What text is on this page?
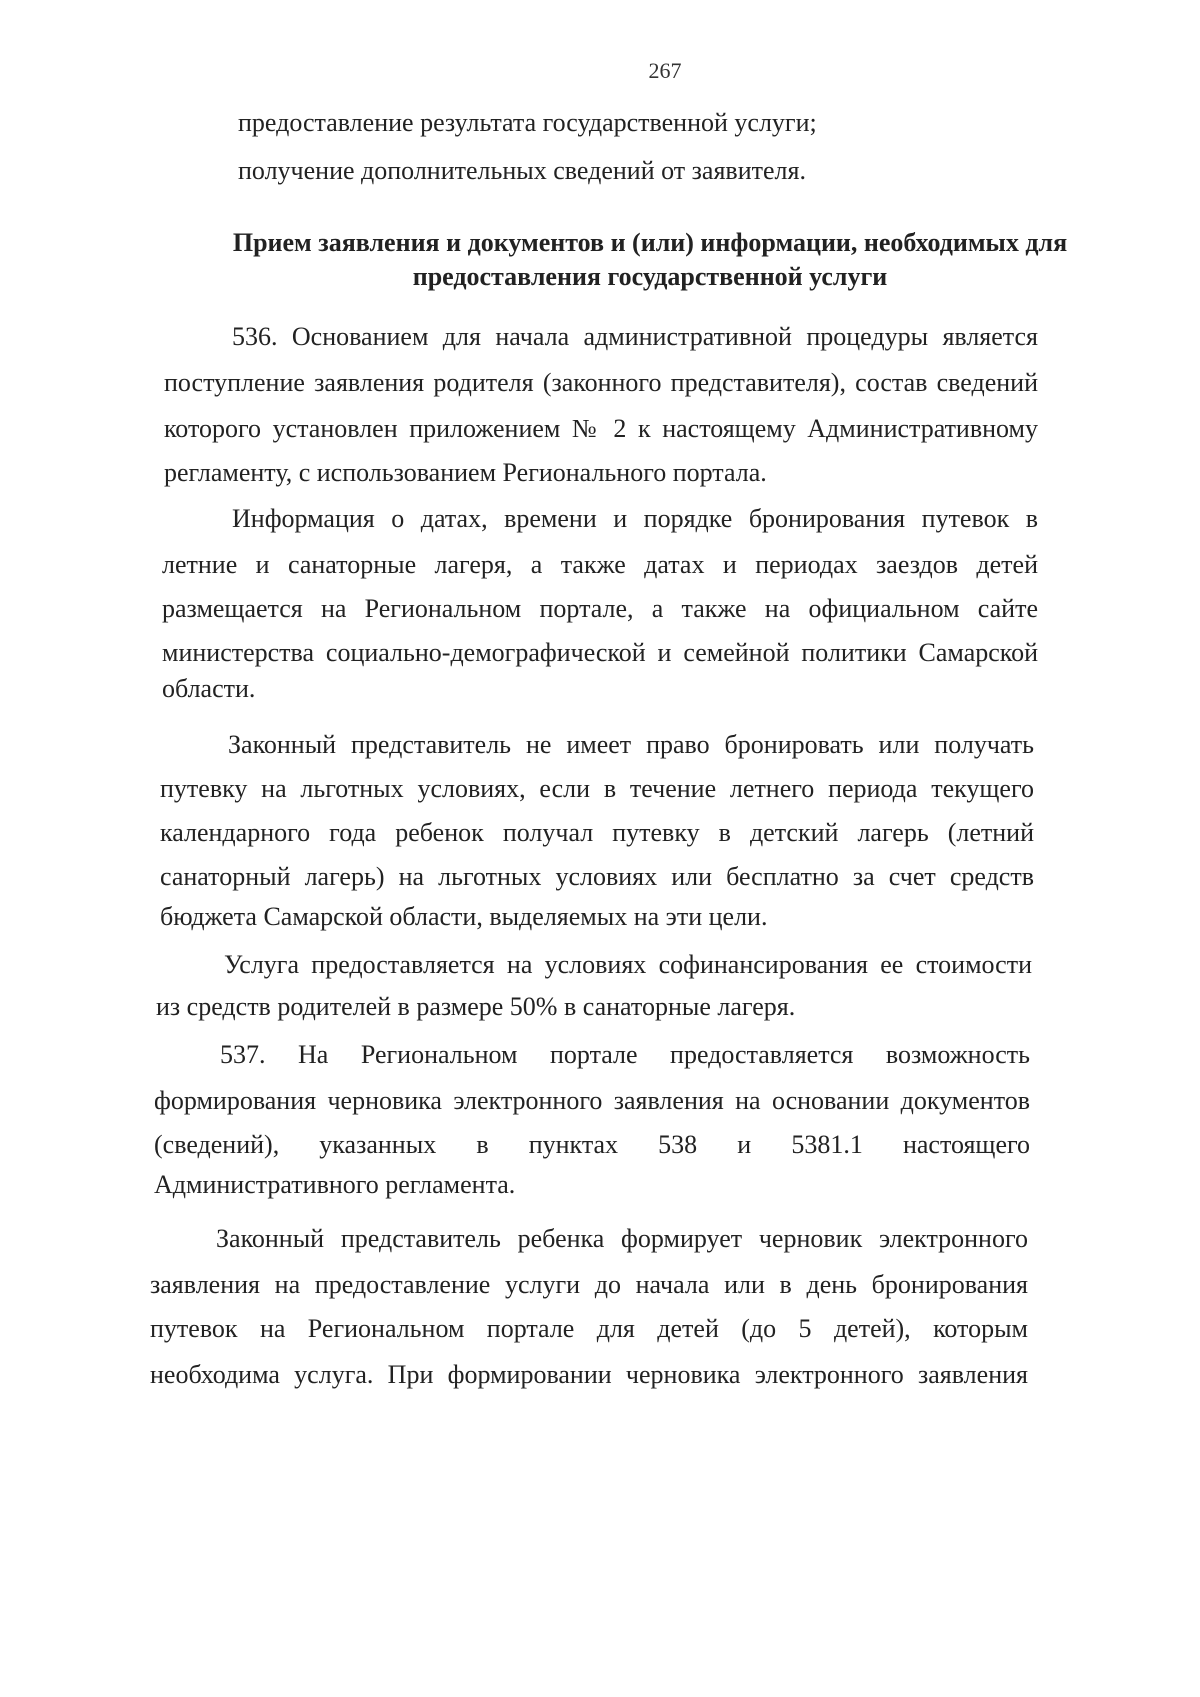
267
предоставление результата государственной услуги;
получение дополнительных сведений от заявителя.
Прием заявления и документов и (или) информации, необходимых для
предоставления государственной услуги
536. Основанием для начала административной процедуры является
поступление заявления родителя (законного представителя), состав сведений
которого установлен приложением № 2 к настоящему Административному
регламенту, с использованием Регионального портала.
Информация о датах, времени и порядке бронирования путевок в
летние и санаторные лагеря, а также датах и периодах заездов детей
размещается на Региональном портале, а также на официальном сайте
министерства социально-демографической и семейной политики Самарской
области.
Законный представитель не имеет право бронировать или получать
путевку на льготных условиях, если в течение летнего периода текущего
календарного года ребенок получал путевку в детский лагерь (летний
санаторный лагерь) на льготных условиях или бесплатно за счет средств
бюджета Самарской области, выделяемых на эти цели.
Услуга предоставляется на условиях софинансирования ее стоимости
из средств родителей в размере 50% в санаторные лагеря.
537. На Региональном портале предоставляется возможность
формирования черновика электронного заявления на основании документов
(сведений), указанных в пунктах 538 и 5381.1 настоящего
Административного регламента.
Законный представитель ребенка формирует черновик электронного
заявления на предоставление услуги до начала или в день бронирования
путевок на Региональном портале для детей (до 5 детей), которым
необходима услуга. При формировании черновика электронного заявления
